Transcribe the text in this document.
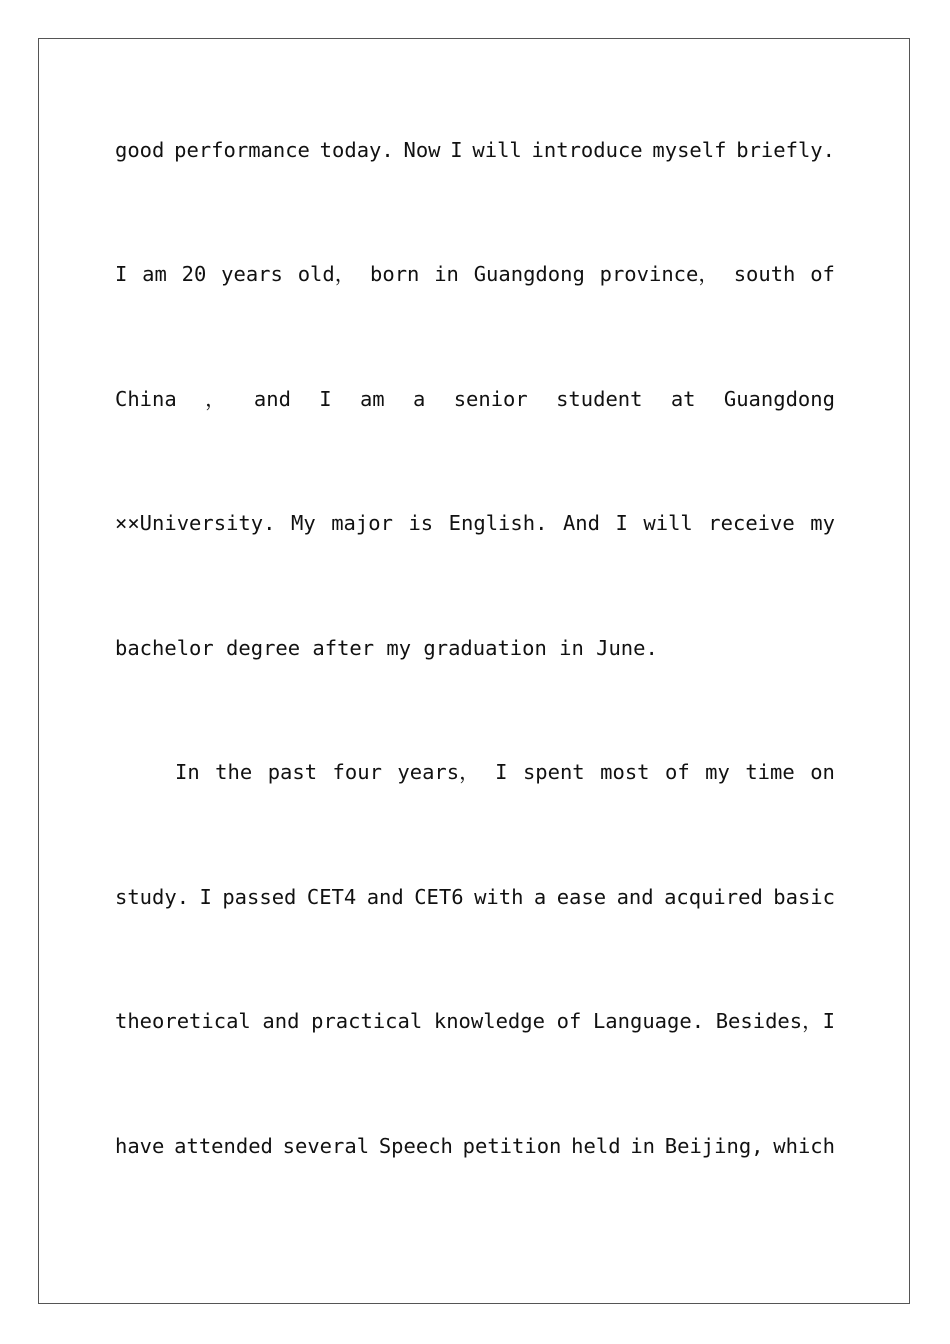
good performance today. Now I will introduce myself briefly.
I am 20 years old， born in Guangdong province， south of
China ， and I am a senior student at Guangdong
××University. My major is English. And I will receive my
bachelor degree after my graduation in June.
In the past four years， I spent most of my time on
study. I passed CET4 and CET6 with a ease and acquired basic
theoretical and practical knowledge of Language. Besides，I
have attended several Speech petition held in Beijing, which
